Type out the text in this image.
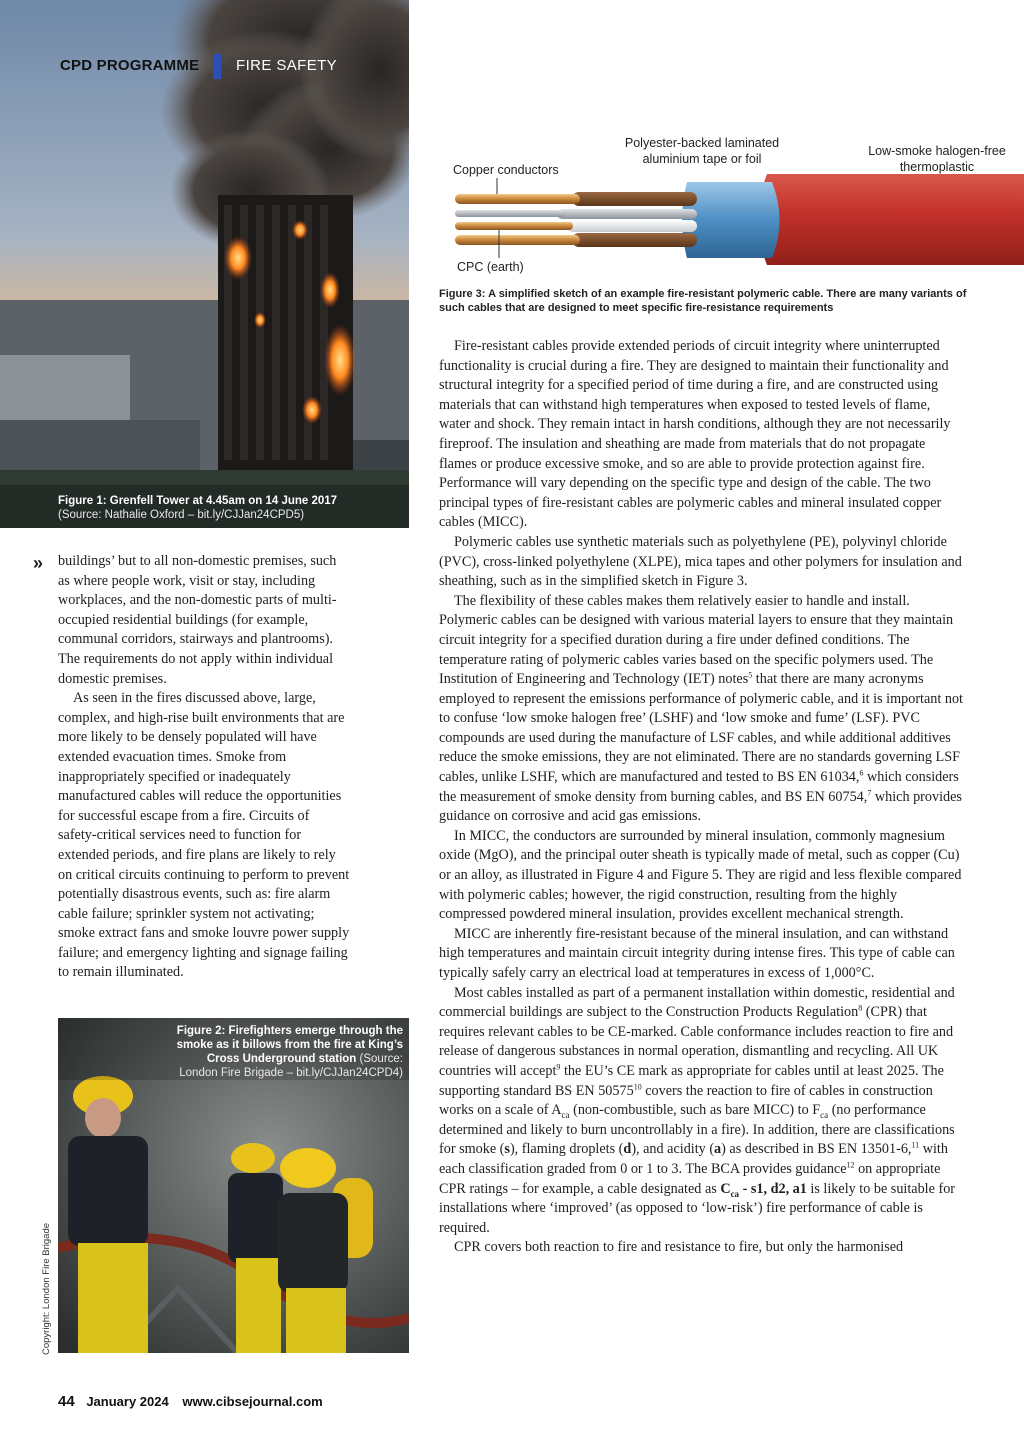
CPD PROGRAMME FIRE SAFETY
Figure 1: Grenfell Tower at 4.45am on 14 June 2017
(Source: Nathalie Oxford – bit.ly/CJJan24CPD5)
» buildings’ but to all non-domestic premises, such as where people work, visit or stay, including workplaces, and the non-domestic parts of multi-occupied residential buildings (for example, communal corridors, stairways and plantrooms). The requirements do not apply within individual domestic premises.

As seen in the fires discussed above, large, complex, and high-rise built environments that are more likely to be densely populated will have extended evacuation times. Smoke from inappropriately specified or inadequately manufactured cables will reduce the opportunities for successful escape from a fire. Circuits of safety-critical services need to function for extended periods, and fire plans are likely to rely on critical circuits continuing to perform to prevent potentially disastrous events, such as: fire alarm cable failure; sprinkler system not activating; smoke extract fans and smoke louvre power supply failure; and emergency lighting and signage failing to remain illuminated.

Figure 2: Firefighters emerge through the smoke as it billows from the fire at King’s Cross Underground station (Source: London Fire Brigade – bit.ly/CJJan24CPD4)
Copyright: London Fire Brigade
Copper conductors
Polyester-backed laminated aluminium tape or foil
Low-smoke halogen-free thermoplastic
CPC (earth)
Figure 3: A simplified sketch of an example fire-resistant polymeric cable. There are many variants of such cables that are designed to meet specific fire-resistance requirements

Fire-resistant cables provide extended periods of circuit integrity where uninterrupted functionality is crucial during a fire. They are designed to maintain their functionality and structural integrity for a specified period of time during a fire, and are constructed using materials that can withstand high temperatures when exposed to tested levels of flame, water and shock. They remain intact in harsh conditions, although they are not necessarily fireproof. The insulation and sheathing are made from materials that do not propagate flames or produce excessive smoke, and so are able to provide protection against fire. Performance will vary depending on the specific type and design of the cable. The two principal types of fire-resistant cables are polymeric cables and mineral insulated copper cables (MICC).

Polymeric cables use synthetic materials such as polyethylene (PE), polyvinyl chloride (PVC), cross-linked polyethylene (XLPE), mica tapes and other polymers for insulation and sheathing, such as in the simplified sketch in Figure 3.

The flexibility of these cables makes them relatively easier to handle and install. Polymeric cables can be designed with various material layers to ensure that they maintain circuit integrity for a specified duration during a fire under defined conditions. The temperature rating of polymeric cables varies based on the specific polymers used. The Institution of Engineering and Technology (IET) notes$^5$ that there are many acronyms employed to represent the emissions performance of polymeric cable, and it is important not to confuse ‘low smoke halogen free’ (LSHF) and ‘low smoke and fume’ (LSF). PVC compounds are used during the manufacture of LSF cables, and while additional additives reduce the smoke emissions, they are not eliminated. There are no standards governing LSF cables, unlike LSHF, which are manufactured and tested to BS EN 61034,$^6$ which considers the measurement of smoke density from burning cables, and BS EN 60754,$^7$ which provides guidance on corrosive and acid gas emissions.

In MICC, the conductors are surrounded by mineral insulation, commonly magnesium oxide (MgO), and the principal outer sheath is typically made of metal, such as copper (Cu) or an alloy, as illustrated in Figure 4 and Figure 5. They are rigid and less flexible compared with polymeric cables; however, the rigid construction, resulting from the highly compressed powdered mineral insulation, provides excellent mechanical strength.

MICC are inherently fire-resistant because of the mineral insulation, and can withstand high temperatures and maintain circuit integrity during intense fires. This type of cable can typically safely carry an electrical load at temperatures in excess of 1,000°C.

Most cables installed as part of a permanent installation within domestic, residential and commercial buildings are subject to the Construction Products Regulation$^8$ (CPR) that requires relevant cables to be CE-marked. Cable conformance includes reaction to fire and release of dangerous substances in normal operation, dismantling and recycling. All UK countries will accept$^9$ the EU’s CE mark as appropriate for cables until at least 2025. The supporting standard BS EN 50575$^{10}$ covers the reaction to fire of cables in construction works on a scale of $A_{ca}$ (non-combustible, such as bare MICC) to $F_{ca}$ (no performance determined and likely to burn uncontrollably in a fire). In addition, there are classifications for smoke (s), flaming droplets (d), and acidity (a) as described in BS EN 13501-6,11 with each classification graded from 0 or 1 to 3. The BCA provides guidance$^{12}$ on appropriate CPR ratings – for example, a cable designated as $C_{ca} - s1$, d2, a1 is likely to be suitable for installations where ‘improved’ (as opposed to ‘low-risk’) fire performance of cable is required.

CPR covers both reaction to fire and resistance to fire, but only the harmonised

44 January 2024 www.cibsejournal.com
